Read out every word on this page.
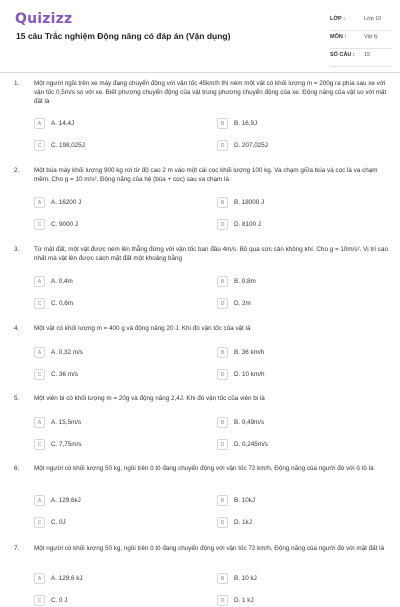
Quizizz
15 câu Trắc nghiệm Động năng có đáp án (Vận dụng)
LỚP :	Lớp 10
MÔN :	Vật lý
SỐ CÂU : 15
1. Một người ngồi trên xe máy đang chuyển động với vận tốc 45km/h thì ném một vật có khối lượng m = 200g ra phía sau xe với vận tốc 0,5m/s so với xe. Biết phương chuyển động của vật trùng phương chuyển động của xe. Động năng của vật so với mặt đất là
A	A. 14,4J	B	B. 16,9J
C	C. 198,025J	D	D. 207,025J
2. Một búa máy khối lượng 900 kg rơi từ độ cao 2 m vào một cái cọc khối lượng 100 kg. Va chạm giữa búa và cọc là va chạm mềm. Cho g = 10 m/s². Động năng của hệ (búa + cọc) sau va chạm là
A	A. 16200 J	B	B. 18000 J
C	C. 9000 J	D	D. 8100 J
3. Từ mặt đất, một vật được ném lên thẳng đứng với vận tốc ban đầu 4m/s. Bỏ qua sức cản không khí. Cho g = 10m/s². Vị trí cao nhất mà vật lên được cách mặt đất một khoảng bằng
A	A. 0,4m	B	B. 0,8m
C	C. 0,6m	D	D. 2m
4. Một vật có khối lượng m = 400 g và động năng 20 J. Khi đó vận tốc của vật là
A	A. 0,32 m/s	B	B. 36 km/h
C	C. 36 m/s	D	D. 10 km/h
5. Một viên bi có khối lượng m = 20g và động năng 2,4J. Khi đó vận tốc của viên bi là
A	A. 15,5m/s	B	B. 0,49m/s
C	C. 7,75m/s	D	D. 0,245m/s
6. Một người có khối lượng 50 kg, ngồi trên ô tô đang chuyển động với vận tốc 72 km/h. Động năng của người đó với ô tô là
A	A. 129,6kJ	B	B. 10kJ
C	C. 0J	D	D. 1kJ
7. Một người có khối lượng 50 kg, ngồi trên ô tô đang chuyển động với vận tốc 72 km/h. Động năng của người đó với mặt đất là
A	A. 129,6 kJ	B	B. 10 kJ
C	C. 0 J	D	D. 1 kJ
